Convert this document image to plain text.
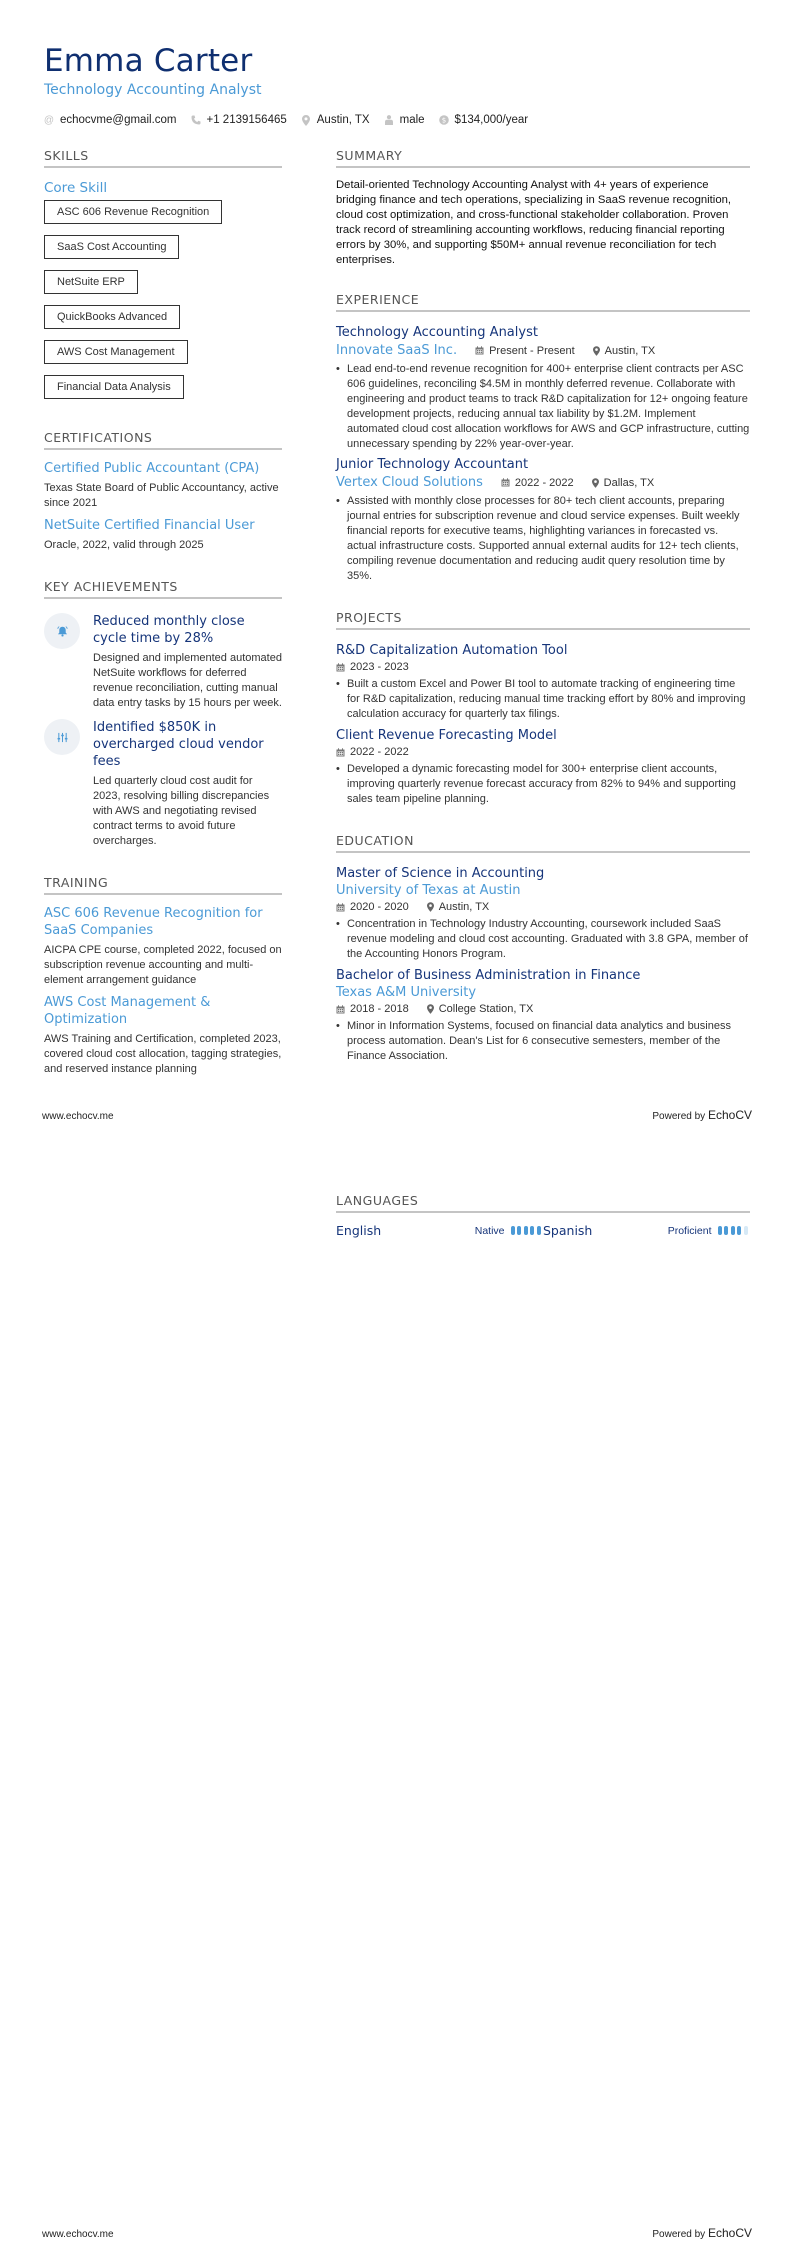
Emma Carter
Technology Accounting Analyst
@ echocvme@gmail.com	+1 2139156465	Austin, TX	male $ $134,000/year
SKILLS
Core Skill
ASC 606 Revenue Recognition
SaaS Cost Accounting
NetSuite ERP
QuickBooks Advanced
AWS Cost Management
Financial Data Analysis
CERTIFICATIONS
Certified Public Accountant (CPA)
Texas State Board of Public Accountancy, active since 2021
NetSuite Certified Financial User
Oracle, 2022, valid through 2025
KEY ACHIEVEMENTS
Reduced monthly close cycle time by 28%
Designed and implemented automated NetSuite workflows for deferred revenue reconciliation, cutting manual data entry tasks by 15 hours per week.
Identified $850K in overcharged cloud vendor fees
Led quarterly cloud cost audit for 2023, resolving billing discrepancies with AWS and negotiating revised contract terms to avoid future overcharges.
TRAINING
ASC 606 Revenue Recognition for SaaS Companies
AICPA CPE course, completed 2022, focused on subscription revenue accounting and multi-element arrangement guidance
AWS Cost Management & Optimization
AWS Training and Certification, completed 2023, covered cloud cost allocation, tagging strategies, and reserved instance planning
SUMMARY
Detail-oriented Technology Accounting Analyst with 4+ years of experience bridging finance and tech operations, specializing in SaaS revenue recognition, cloud cost optimization, and cross-functional stakeholder collaboration. Proven track record of streamlining accounting workflows, reducing financial reporting errors by 30%, and supporting $50M+ annual revenue reconciliation for tech enterprises.
EXPERIENCE
Technology Accounting Analyst
Innovate SaaS Inc.	Present - Present	Austin, TX
• Lead end-to-end revenue recognition for 400+ enterprise client contracts per ASC 606 guidelines, reconciling $4.5M in monthly deferred revenue. Collaborate with engineering and product teams to track R&D capitalization for 12+ ongoing feature development projects, reducing annual tax liability by $1.2M. Implement automated cloud cost allocation workflows for AWS and GCP infrastructure, cutting unnecessary spending by 22% year-over-year.
Junior Technology Accountant
Vertex Cloud Solutions	2022 - 2022	Dallas, TX
• Assisted with monthly close processes for 80+ tech client accounts, preparing journal entries for subscription revenue and cloud service expenses. Built weekly financial reports for executive teams, highlighting variances in forecasted vs. actual infrastructure costs. Supported annual external audits for 12+ tech clients, compiling revenue documentation and reducing audit query resolution time by 35%.
PROJECTS
R&D Capitalization Automation Tool
2023 - 2023
• Built a custom Excel and Power BI tool to automate tracking of engineering time for R&D capitalization, reducing manual time tracking effort by 80% and improving calculation accuracy for quarterly tax filings.
Client Revenue Forecasting Model
2022 - 2022
• Developed a dynamic forecasting model for 300+ enterprise client accounts, improving quarterly revenue forecast accuracy from 82% to 94% and supporting sales team pipeline planning.
EDUCATION
Master of Science in Accounting
University of Texas at Austin
2020 - 2020	Austin, TX
• Concentration in Technology Industry Accounting, coursework included SaaS revenue modeling and cloud cost accounting. Graduated with 3.8 GPA, member of the Accounting Honors Program.
Bachelor of Business Administration in Finance
Texas A&M University
2018 - 2018	College Station, TX
• Minor in Information Systems, focused on financial data analytics and business process automation. Dean's List for 6 consecutive semesters, member of the Finance Association.
www.echocv.me	Powered by EchoCV
LANGUAGES
English	Native	Spanish	Proficient
www.echocv.me	Powered by EchoCV
